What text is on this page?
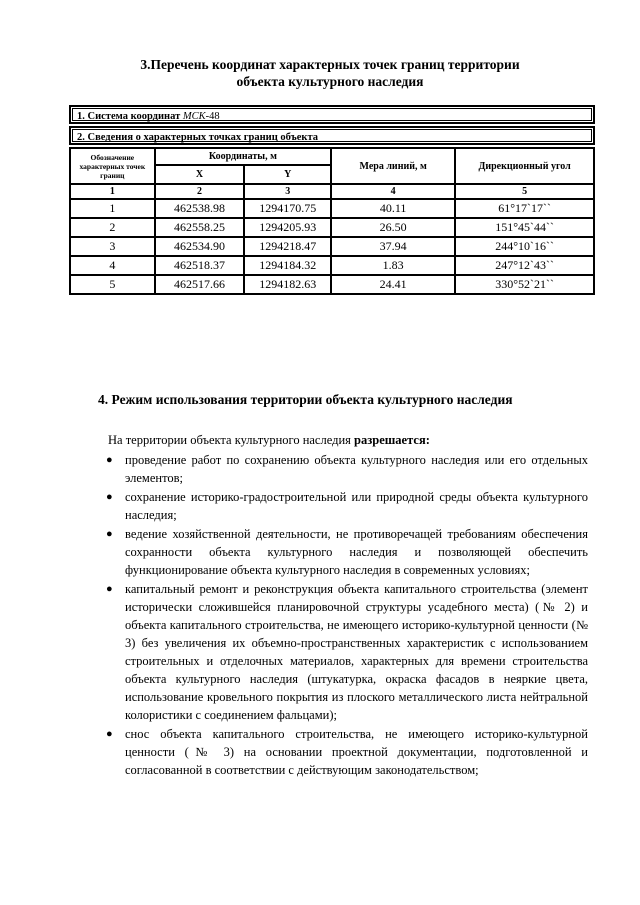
3.Перечень координат характерных точек границ территории
объекта культурного наследия
1. Система координат МСК-48
2. Сведения о характерных точках границ объекта
Обозначение характерных точек границ	Координаты, м		Мера линий, м	Дирекционный угол
	X	Y		
1	2	3	4	5
1	462538.98	1294170.75	40.11	61°17`17``
2	462558.25	1294205.93	26.50	151°45`44``
3	462534.90	1294218.47	37.94	244°10`16``
4	462518.37	1294184.32	1.83	247°12`43``
5	462517.66	1294182.63	24.41	330°52`21``
4. Режим использования территории объекта культурного наследия
На территории объекта культурного наследия разрешается:
● проведение работ по сохранению объекта культурного наследия или его отдельных элементов;
● сохранение историко-градостроительной или природной среды объекта культурного наследия;
● ведение хозяйственной деятельности, не противоречащей требованиям обеспечения сохранности объекта культурного наследия и позволяющей обеспечить функционирование объекта культурного наследия в современных условиях;
● капитальный ремонт и реконструкция объекта капитального строительства (элемент исторически сложившейся планировочной структуры усадебного места) (№ 2) и объекта капитального строительства, не имеющего историко-культурной ценности (№ 3) без увеличения их объемно-пространственных характеристик с использованием строительных и отделочных материалов, характерных для времени строительства объекта культурного наследия (штукатурка, окраска фасадов в неяркие цвета, использование кровельного покрытия из плоского металлического листа нейтральной колористики с соединением фальцами);
● снос объекта капитального строительства, не имеющего историко-культурной ценности (№ 3) на основании проектной документации, подготовленной и согласованной в соответствии с действующим законодательством;
